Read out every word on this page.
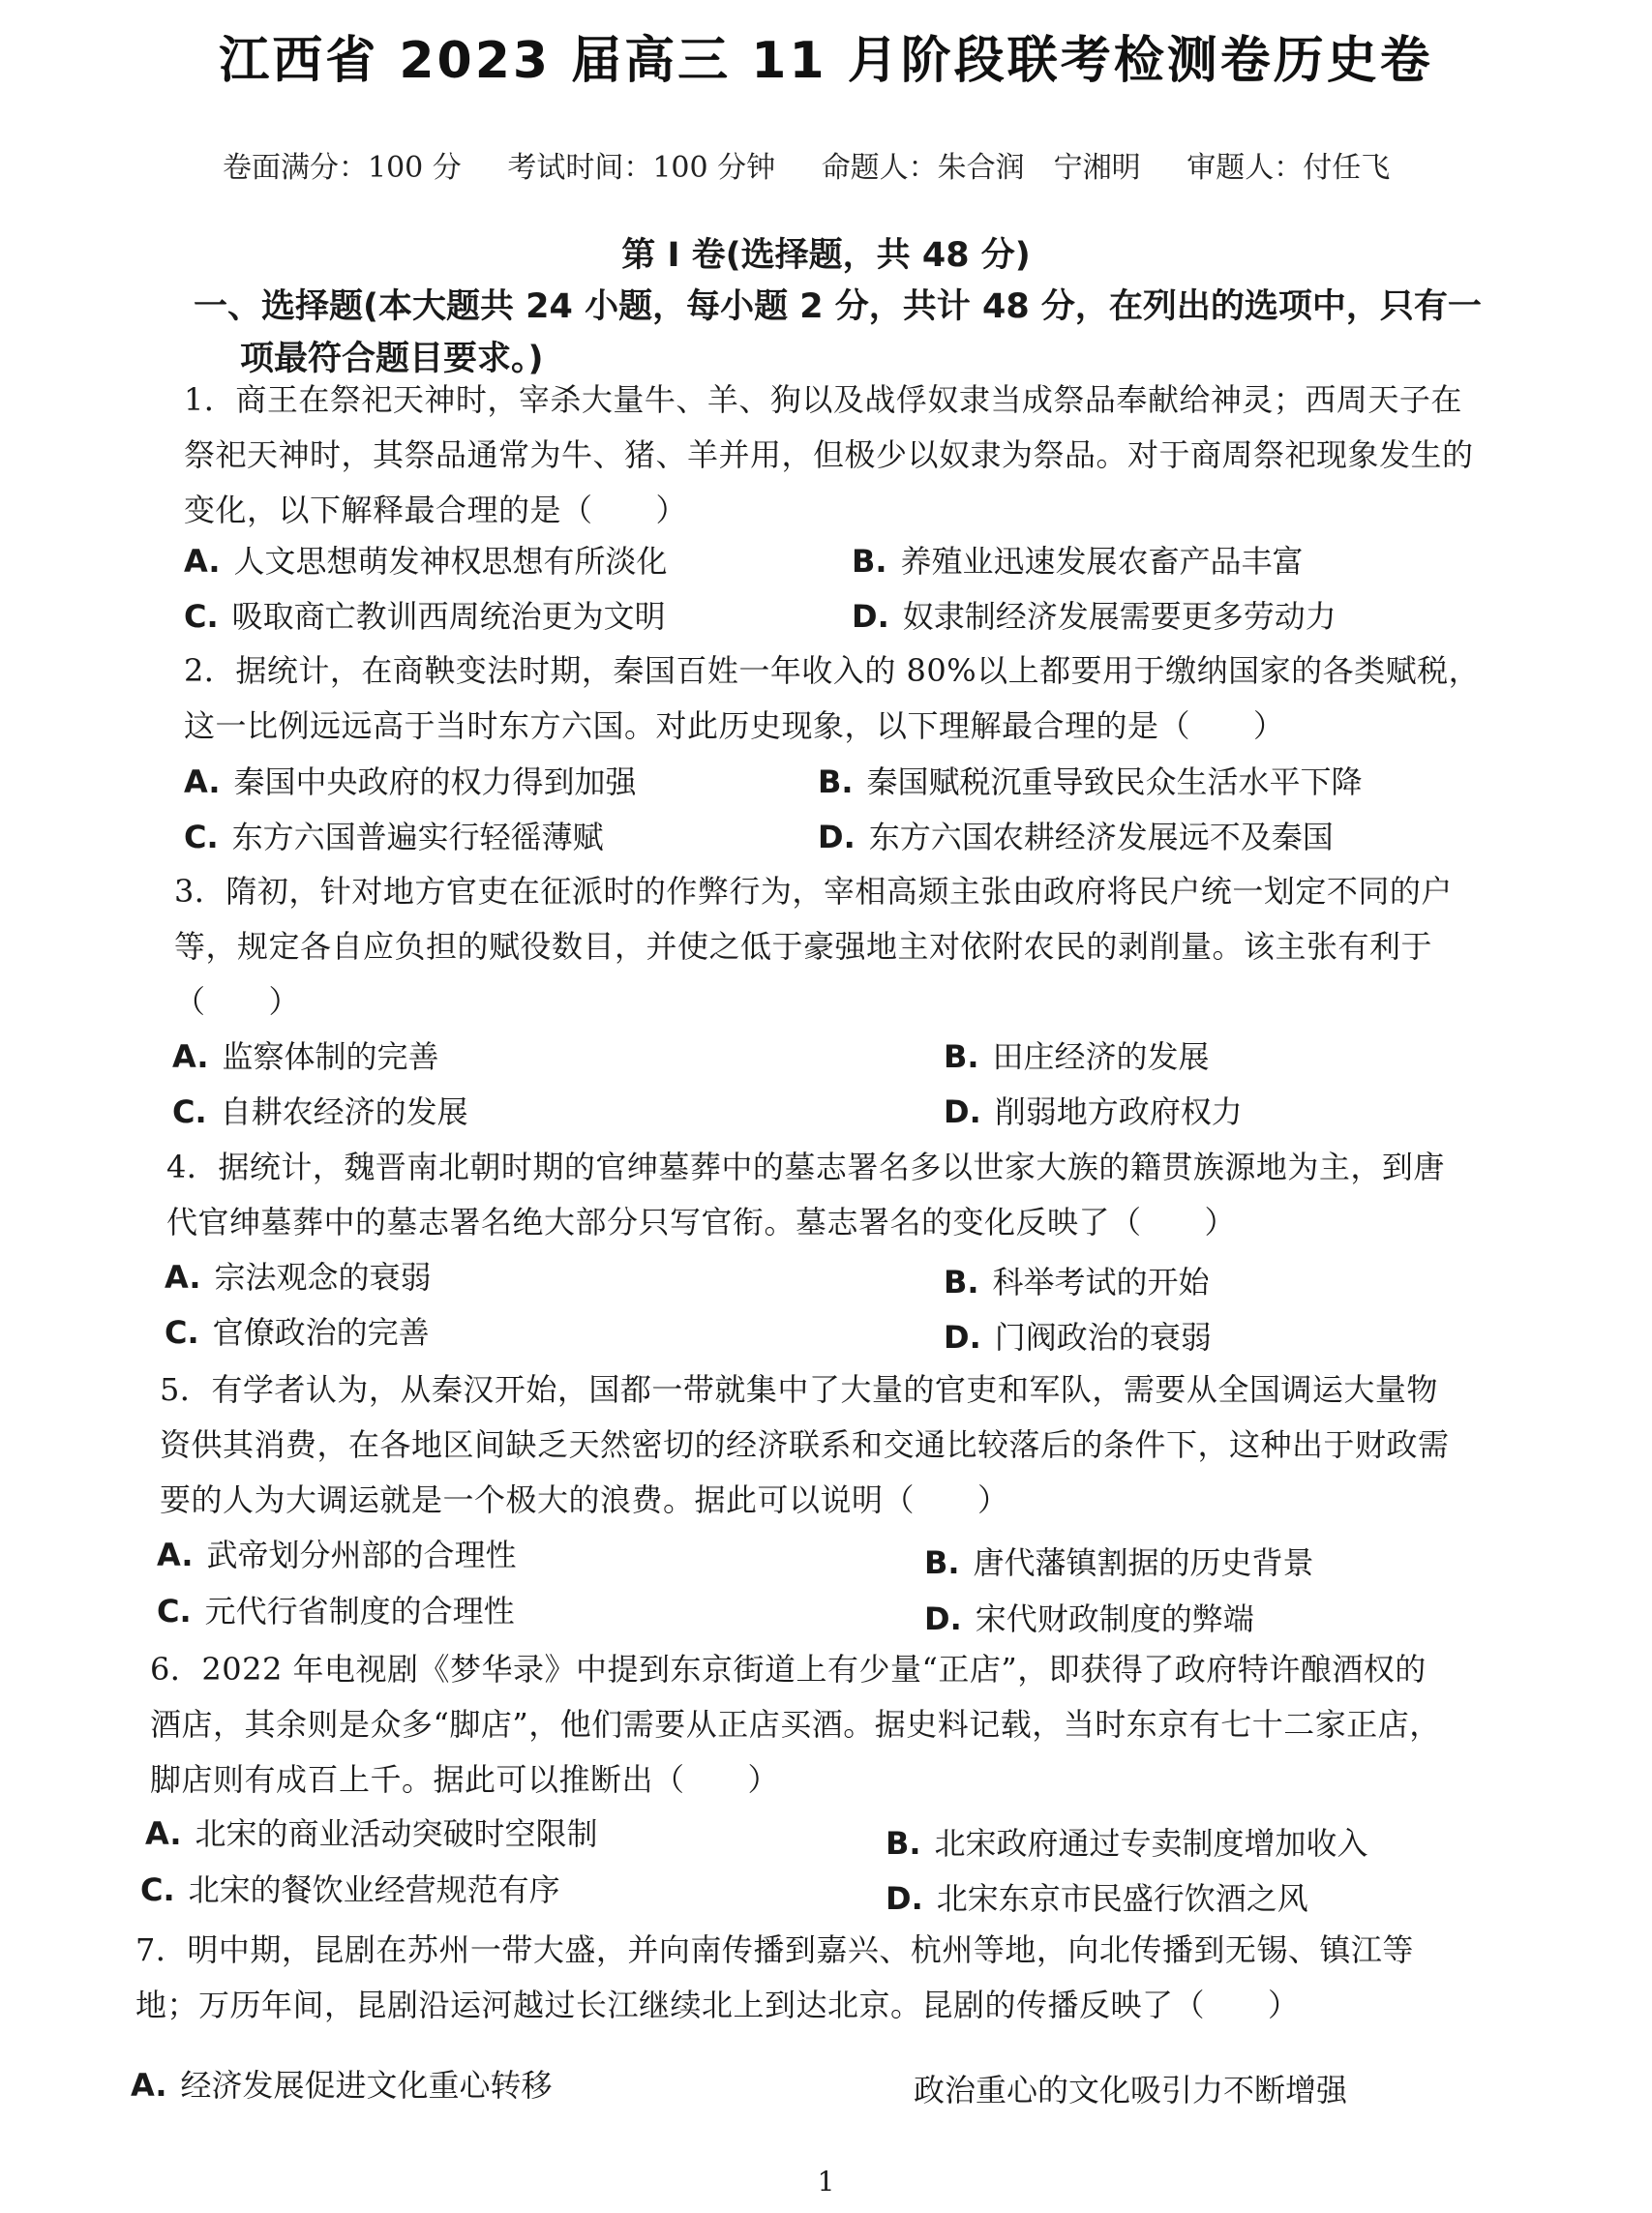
江西省 2023 届高三 11 月阶段联考检测卷历史卷
卷面满分：100 分 考试时间：100 分钟 命题人：朱合润　宁湘明 审题人：付任飞
第 I 卷(选择题，共 48 分)
一、选择题(本大题共 24 小题，每小题 2 分，共计 48 分，在列出的选项中，只有一项最符合题目要求。)

1．商王在祭祀天神时，宰杀大量牛、羊、狗以及战俘奴隶当成祭品奉献给神灵；西周天子在祭祀天神时，其祭品通常为牛、猪、羊并用，但极少以奴隶为祭品。对于商周祭祀现象发生的变化，以下解释最合理的是（　　）

A. 人文思想萌发神权思想有所淡化	B. 养殖业迅速发展农畜产品丰富
C. 吸取商亡教训西周统治更为文明	D. 奴隶制经济发展需要更多劳动力

2．据统计，在商鞅变法时期，秦国百姓一年收入的 80%以上都要用于缴纳国家的各类赋税，这一比例远远高于当时东方六国。对此历史现象，以下理解最合理的是（　　）

A. 秦国中央政府的权力得到加强	B. 秦国赋税沉重导致民众生活水平下降
C. 东方六国普遍实行轻徭薄赋	D. 东方六国农耕经济发展远不及秦国

3．隋初，针对地方官吏在征派时的作弊行为，宰相高颎主张由政府将民户统一划定不同的户等，规定各自应负担的赋役数目，并使之低于豪强地主对依附农民的剥削量。该主张有利于（　　）

A. 监察体制的完善	B. 田庄经济的发展
C. 自耕农经济的发展	D. 削弱地方政府权力

4．据统计，魏晋南北朝时期的官绅墓葬中的墓志署名多以世家大族的籍贯族源地为主，到唐代官绅墓葬中的墓志署名绝大部分只写官衔。墓志署名的变化反映了（　　）

A. 宗法观念的衰弱	B. 科举考试的开始
C. 官僚政治的完善	D. 门阀政治的衰弱

5．有学者认为，从秦汉开始，国都一带就集中了大量的官吏和军队，需要从全国调运大量物资供其消费，在各地区间缺乏天然密切的经济联系和交通比较落后的条件下，这种出于财政需要的人为大调运就是一个极大的浪费。据此可以说明（　　）

A. 武帝划分州部的合理性	B. 唐代藩镇割据的历史背景
C. 元代行省制度的合理性	D. 宋代财政制度的弊端

6．2022 年电视剧《梦华录》中提到东京街道上有少量“正店”，即获得了政府特许酿酒权的酒店，其余则是众多“脚店”，他们需要从正店买酒。据史料记载，当时东京有七十二家正店，脚店则有成百上千。据此可以推断出（　　）

A. 北宋的商业活动突破时空限制	B. 北宋政府通过专卖制度增加收入
C. 北宋的餐饮业经营规范有序	D. 北宋东京市民盛行饮酒之风

7．明中期，昆剧在苏州一带大盛，并向南传播到嘉兴、杭州等地，向北传播到无锡、镇江等地；万历年间，昆剧沿运河越过长江继续北上到达北京。昆剧的传播反映了（　　）

A. 经济发展促进文化重心转移	政治重心的文化吸引力不断增强
1
